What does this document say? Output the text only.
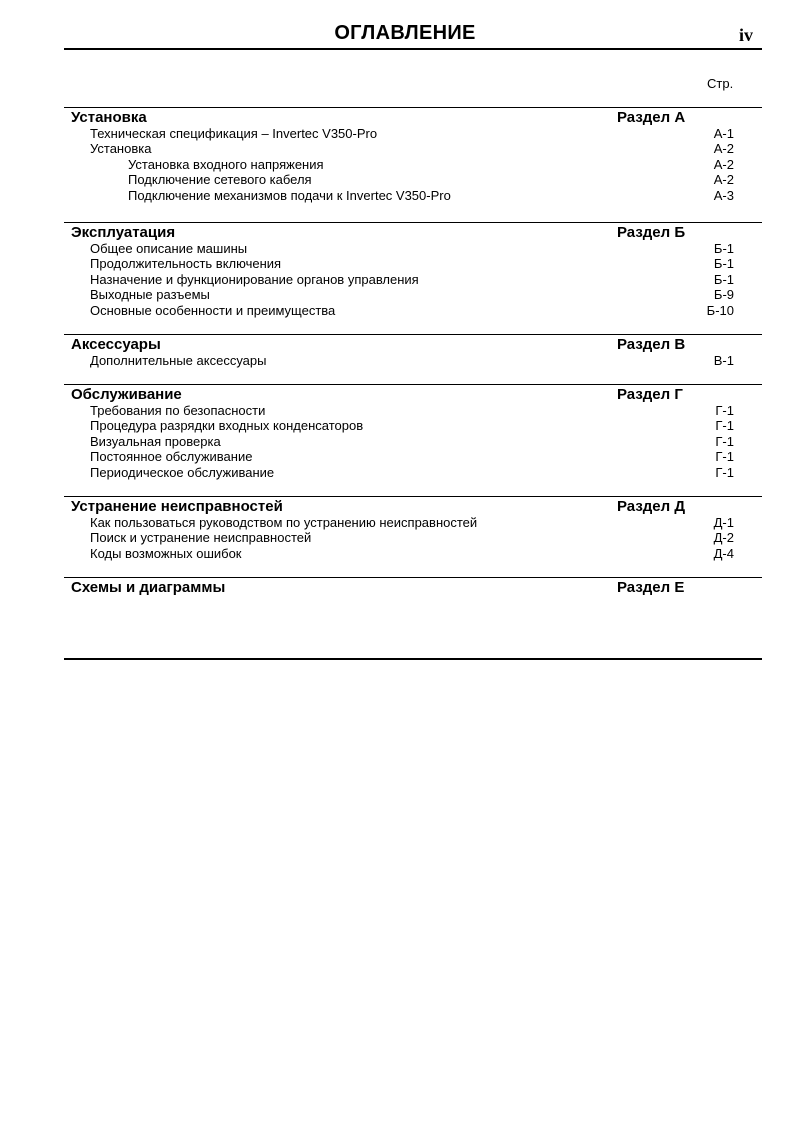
ОГЛАВЛЕНИЕ	iv
Стр.
Установка	Раздел А
Техническая спецификация – Invertec V350-Pro	А-1
Установка	А-2
Установка входного напряжения	А-2
Подключение сетевого кабеля	А-2
Подключение механизмов подачи к Invertec V350-Pro	А-3
Эксплуатация	Раздел Б
Общее описание машины	Б-1
Продолжительность включения	Б-1
Назначение и функционирование органов управления	Б-1
Выходные разъемы	Б-9
Основные особенности и преимущества	Б-10
Аксессуары	Раздел В
Дополнительные аксессуары	В-1
Обслуживание	Раздел Г
Требования по безопасности	Г-1
Процедура разрядки входных конденсаторов	Г-1
Визуальная проверка	Г-1
Постоянное обслуживание	Г-1
Периодическое обслуживание	Г-1
Устранение неисправностей	Раздел Д
Как пользоваться руководством по устранению неисправностей	Д-1
Поиск и устранение неисправностей	Д-2
Коды возможных ошибок	Д-4
Схемы и диаграммы	Раздел Е
